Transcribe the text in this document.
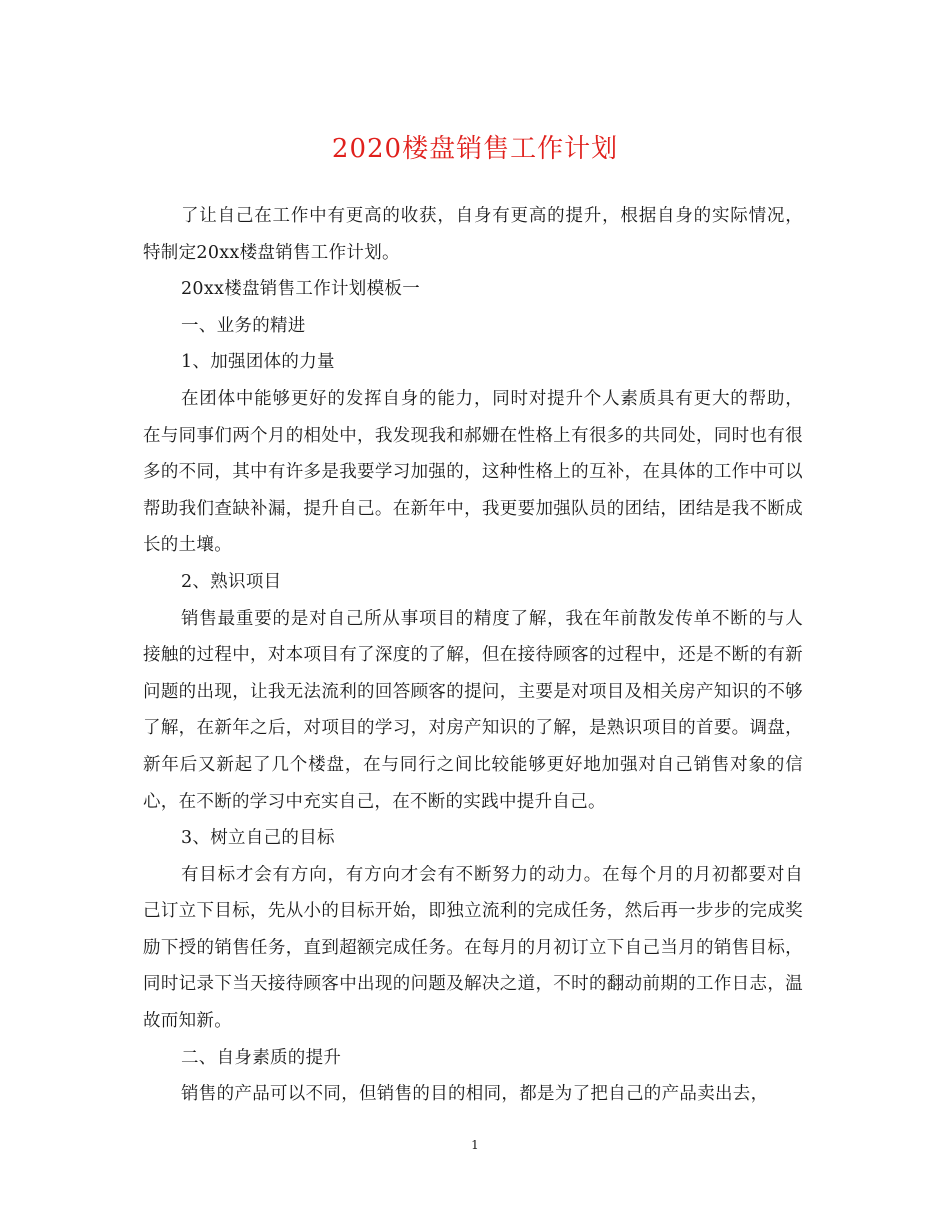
2020楼盘销售工作计划

了让自己在工作中有更高的收获，自身有更高的提升，根据自身的实际情况，特制定20xx楼盘销售工作计划。

20xx楼盘销售工作计划模板一

一、业务的精进

1、加强团体的力量

在团体中能够更好的发挥自身的能力，同时对提升个人素质具有更大的帮助，在与同事们两个月的相处中，我发现我和郝姗在性格上有很多的共同处，同时也有很多的不同，其中有许多是我要学习加强的，这种性格上的互补，在具体的工作中可以帮助我们查缺补漏，提升自己。在新年中，我更要加强队员的团结，团结是我不断成长的土壤。

2、熟识项目

销售最重要的是对自己所从事项目的精度了解，我在年前散发传单不断的与人接触的过程中，对本项目有了深度的了解，但在接待顾客的过程中，还是不断的有新问题的出现，让我无法流利的回答顾客的提问，主要是对项目及相关房产知识的不够了解，在新年之后，对项目的学习，对房产知识的了解，是熟识项目的首要。调盘，新年后又新起了几个楼盘，在与同行之间比较能够更好地加强对自己销售对象的信心，在不断的学习中充实自己，在不断的实践中提升自己。

3、树立自己的目标

有目标才会有方向，有方向才会有不断努力的动力。在每个月的月初都要对自己订立下目标，先从小的目标开始，即独立流利的完成任务，然后再一步步的完成奖励下授的销售任务，直到超额完成任务。在每月的月初订立下自己当月的销售目标，同时记录下当天接待顾客中出现的问题及解决之道，不时的翻动前期的工作日志，温故而知新。

二、自身素质的提升

销售的产品可以不同，但销售的目的相同，都是为了把自己的产品卖出去，

1
